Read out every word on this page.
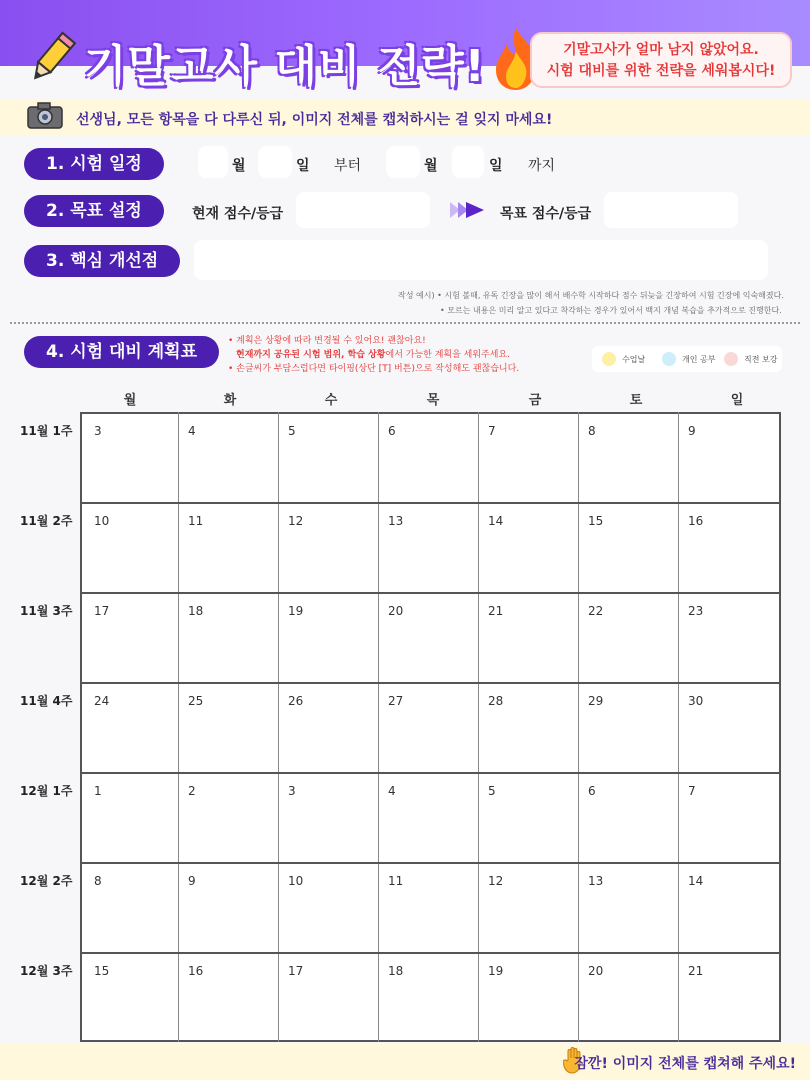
기말고사 대비 전략!	기말고사가 얼마 남지 않았어요.
시험 대비를 위한 전략을 세워봅시다!
선생님, 모든 항목을 다 다루신 뒤, 이미지 전체를 캡처하시는 걸 잊지 마세요!
1. 시험 일정	월	일 부터	월	일 까지
2. 목표 설정	현재 점수/등급	목표 점수/등급
3. 핵심 개선점
작성 예시) • 시험 볼때, 유독 긴장을 많이 해서 배수학 시작하다 점수 뒤늦을 긴장하여 시험 긴장에 익숙해졌다.
• 모르는 내용은 미리 알고 있다고 착각하는 경우가 있어서 백지 개념 복습을 추가적으로 진행한다.
4. 시험 대비 계획표
• 계획은 상황에 따라 변경될 수 있어요! 괜찮아요!
현재까지 공유된 시험 범위, 학습 상황에서 가능한 계획을 세워주세요.
• 손글씨가 부담스럽다면 타이핑(상단 [T] 버튼)으로 작성해도 괜찮습니다.
수업날	개인 공부	직전 보강
월	화	수	목	금	토	일
11월 1주 3	4	5	6	7	8	9
11월 2주 10	11	12	13	14	15	16
11월 3주 17	18	19	20	21	22	23
11월 4주 24	25	26	27	28	29	30
12월 1주 1	2	3	4	5	6	7
12월 2주 8	9	10	11	12	13	14
12월 3주 15	16	17	18	19	20	21
잠깐! 이미지 전체를 캡쳐해 주세요!
